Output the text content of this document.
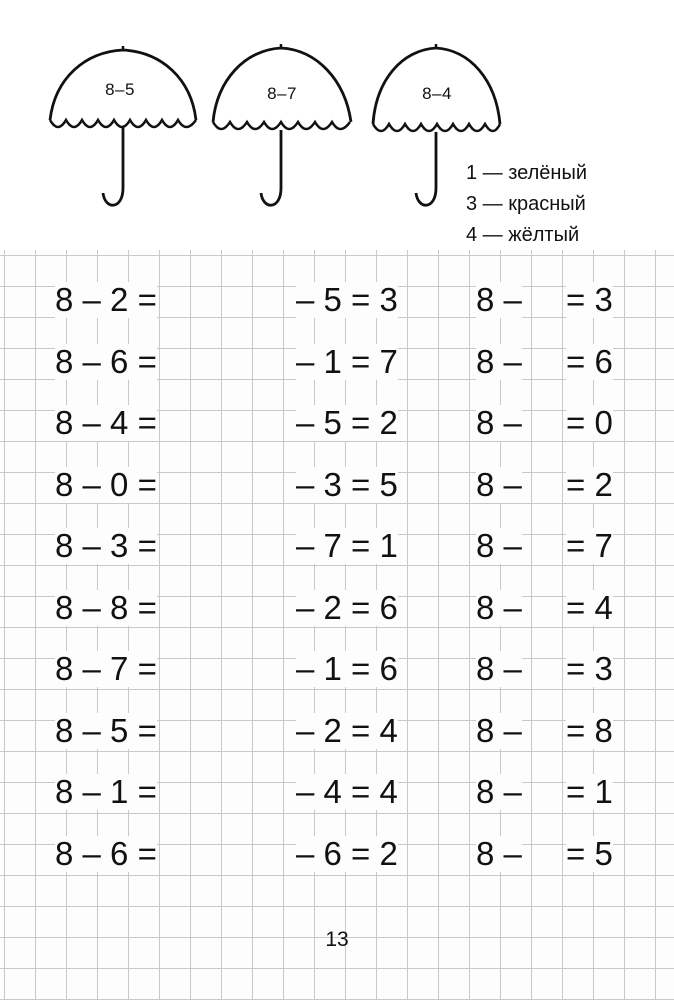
8–5	8–7	8–4
1 — зелёный
3 — красный
4 — жёлтый
8 – 2 =
8 – 6 =
8 – 4 =
8 – 0 =
8 – 3 =
8 – 8 =
8 – 7 =
8 – 5 =
8 – 1 =
8 – 6 =
– 5 = 3
– 1 = 7
– 5 = 2
– 3 = 5
– 7 = 1
– 2 = 6
– 1 = 6
– 2 = 4
– 4 = 4
– 6 = 2
8 –
8 –
8 –
8 –
8 –
8 –
8 –
8 –
8 –
8 –
= 3
= 6
= 0
= 2
= 7
= 4
= 3
= 8
= 1
= 5
13
